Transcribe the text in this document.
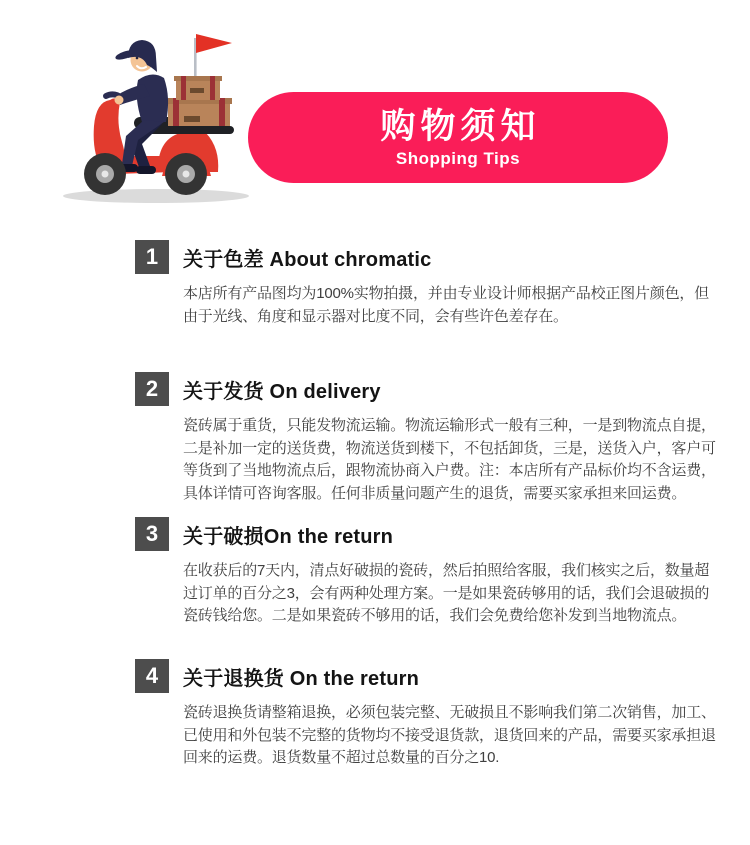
购物须知
Shopping Tips
1	关于色差 About chromatic
本店所有产品图均为100%实物拍摄，并由专业设计师根据产品校正图片颜色，但由于光线、角度和显示器对比度不同，会有些许色差存在。
2	关于发货 On delivery
瓷砖属于重货，只能发物流运输。物流运输形式一般有三种，一是到物流点自提，二是补加一定的送货费，物流送货到楼下，不包括卸货，三是，送货入户，客户可等货到了当地物流点后，跟物流协商入户费。注：本店所有产品标价均不含运费，具体详情可咨询客服。任何非质量问题产生的退货，需要买家承担来回运费。
3	关于破损On the return
在收获后的7天内，清点好破损的瓷砖，然后拍照给客服，我们核实之后，数量超过订单的百分之3，会有两种处理方案。一是如果瓷砖够用的话，我们会退破损的瓷砖钱给您。二是如果瓷砖不够用的话，我们会免费给您补发到当地物流点。
4	关于退换货 On the return
瓷砖退换货请整箱退换，必须包装完整、无破损且不影响我们第二次销售，加工、已使用和外包装不完整的货物均不接受退货款，退货回来的产品，需要买家承担退回来的运费。退货数量不超过总数量的百分之10.
